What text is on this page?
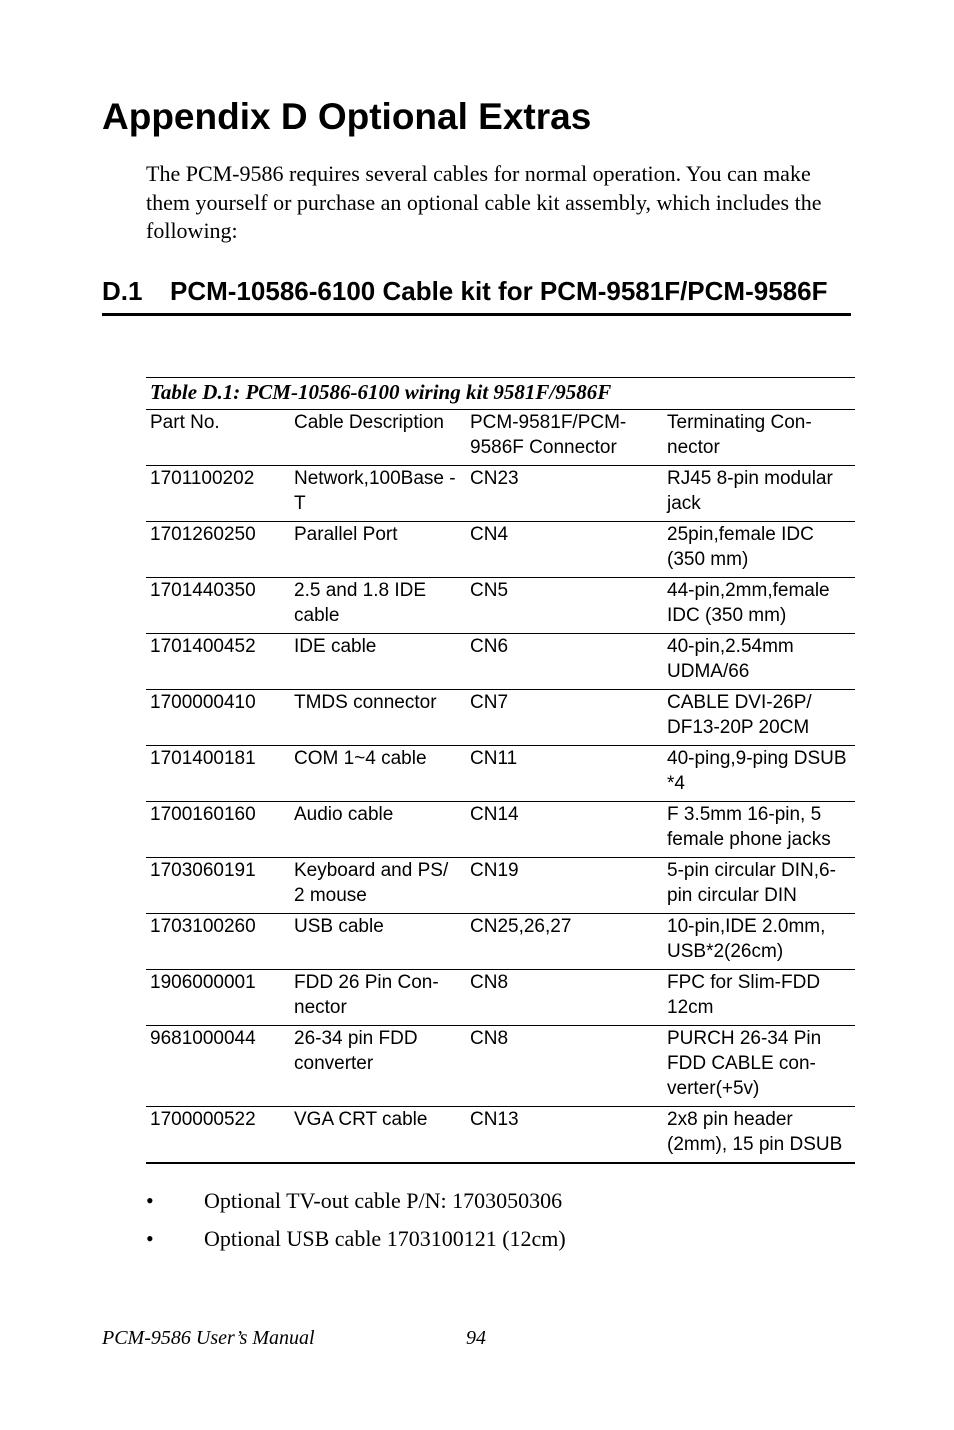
Appendix D Optional Extras

The PCM-9586 requires several cables for normal operation. You can make them yourself or purchase an optional cable kit assembly, which includes the following:

D.1 PCM-10586-6100 Cable kit for PCM-9581F/PCM-9586F
Table D.1: PCM-10586-6100 wiring kit 9581F/9586F
Part No.	Cable Description	PCM-9581F/PCM-9586F Connector	Terminating Con-nector
1701100202	Network,100Base -T	CN23	RJ45 8-pin modular jack
1701260250	Parallel Port	CN4	25pin,female IDC (350 mm)
1701440350	2.5 and 1.8 IDE cable	CN5	44-pin,2mm,female IDC (350 mm)
1701400452	IDE cable	CN6	40-pin,2.54mm UDMA/66
1700000410	TMDS connector	CN7	CABLE DVI-26P/ DF13-20P 20CM
1701400181	COM 1~4 cable	CN11	40-ping,9-ping DSUB *4
1700160160	Audio cable	CN14	F 3.5mm 16-pin, 5 female phone jacks
1703060191	Keyboard and PS/ 2 mouse	CN19	5-pin circular DIN,6-pin circular DIN
1703100260	USB cable	CN25,26,27	10-pin,IDE 2.0mm, USB*2(26cm)
1906000001	FDD 26 Pin Con-nector	CN8	FPC for Slim-FDD 12cm
9681000044	26-34 pin FDD converter	CN8	PURCH 26-34 Pin FDD CABLE con-verter(+5v)
1700000522	VGA CRT cable	CN13	2x8 pin header (2mm), 15 pin DSUB
• Optional TV-out cable P/N: 1703050306
• Optional USB cable 1703100121 (12cm)
PCM-9586 User’s Manual	94
